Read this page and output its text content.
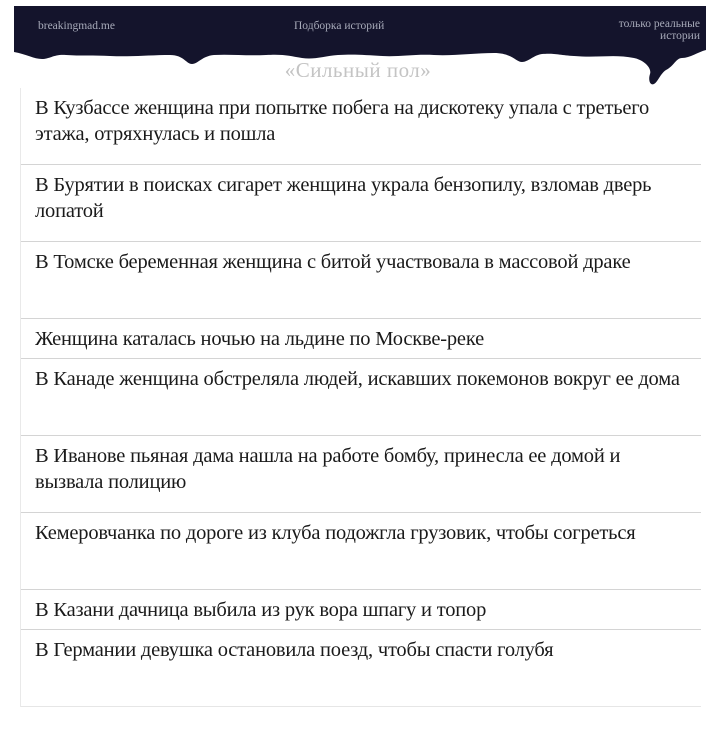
breakingmad.me	Подборка историй	только реальные
истории
«Сильный пол»
В Кузбассе женщина при попытке побега на дискотеку упала с третьего этажа, отряхнулась и пошла
В Бурятии в поисках сигарет женщина украла бензопилу, взломав дверь лопатой
В Томске беременная женщина с битой участвовала в массовой драке
Женщина каталась ночью на льдине по Москве-реке
В Канаде женщина обстреляла людей, искавших покемонов вокруг ее дома
В Иванове пьяная дама нашла на работе бомбу, принесла ее домой и вызвала полицию
Кемеровчанка по дороге из клуба подожгла грузовик, чтобы согреться
В Казани дачница выбила из рук вора шпагу и топор
В Германии девушка остановила поезд, чтобы спасти голубя
